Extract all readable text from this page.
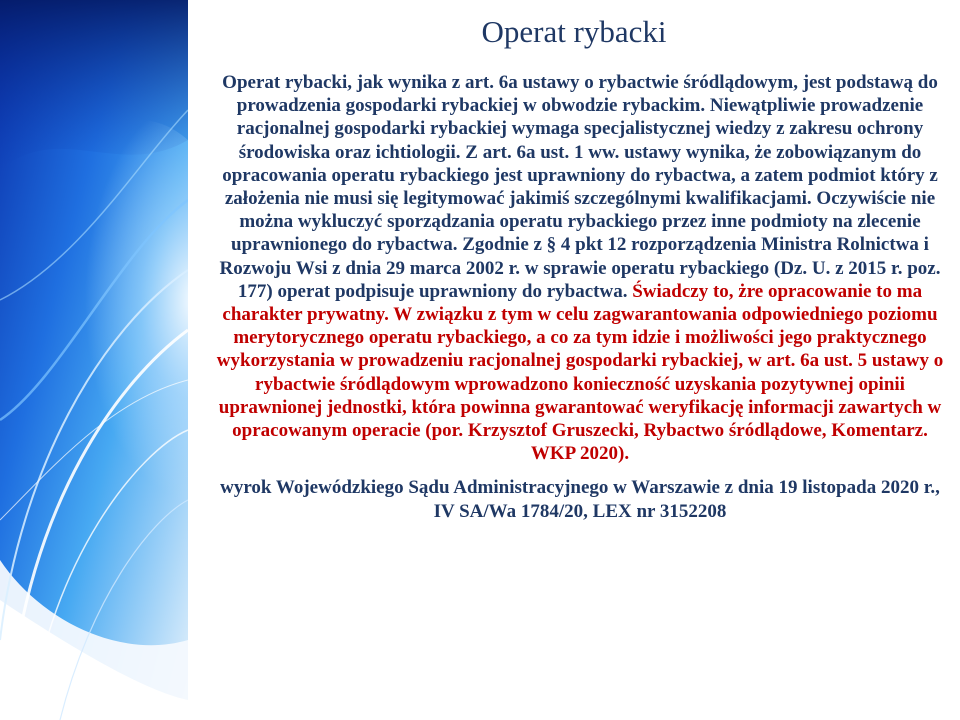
Operat rybacki

Operat rybacki, jak wynika z art. 6a ustawy o rybactwie śródlądowym, jest podstawą do prowadzenia gospodarki rybackiej w obwodzie rybackim. Niewątpliwie prowadzenie racjonalnej gospodarki rybackiej wymaga specjalistycznej wiedzy z zakresu ochrony środowiska oraz ichtiologii. Z art. 6a ust. 1 ww. ustawy wynika, że zobowiązanym do opracowania operatu rybackiego jest uprawniony do rybactwa, a zatem podmiot który z założenia nie musi się legitymować jakimiś szczególnymi kwalifikacjami. Oczywiście nie można wykluczyć sporządzania operatu rybackiego przez inne podmioty na zlecenie uprawnionego do rybactwa. Zgodnie z § 4 pkt 12 rozporządzenia Ministra Rolnictwa i Rozwoju Wsi z dnia 29 marca 2002 r. w sprawie operatu rybackiego (Dz. U. z 2015 r. poz. 177) operat podpisuje uprawniony do rybactwa. Świadczy to, żre opracowanie to ma charakter prywatny. W związku z tym w celu zagwarantowania odpowiedniego poziomu merytorycznego operatu rybackiego, a co za tym idzie i możliwości jego praktycznego wykorzystania w prowadzeniu racjonalnej gospodarki rybackiej, w art. 6a ust. 5 ustawy o rybactwie śródlądowym wprowadzono konieczność uzyskania pozytywnej opinii uprawnionej jednostki, która powinna gwarantować weryfikację informacji zawartych w opracowanym operacie (por. Krzysztof Gruszecki, Rybactwo śródlądowe, Komentarz. WKP 2020).

wyrok Wojewódzkiego Sądu Administracyjnego w Warszawie z dnia 19 listopada 2020 r., IV SA/Wa 1784/20, LEX nr 3152208
